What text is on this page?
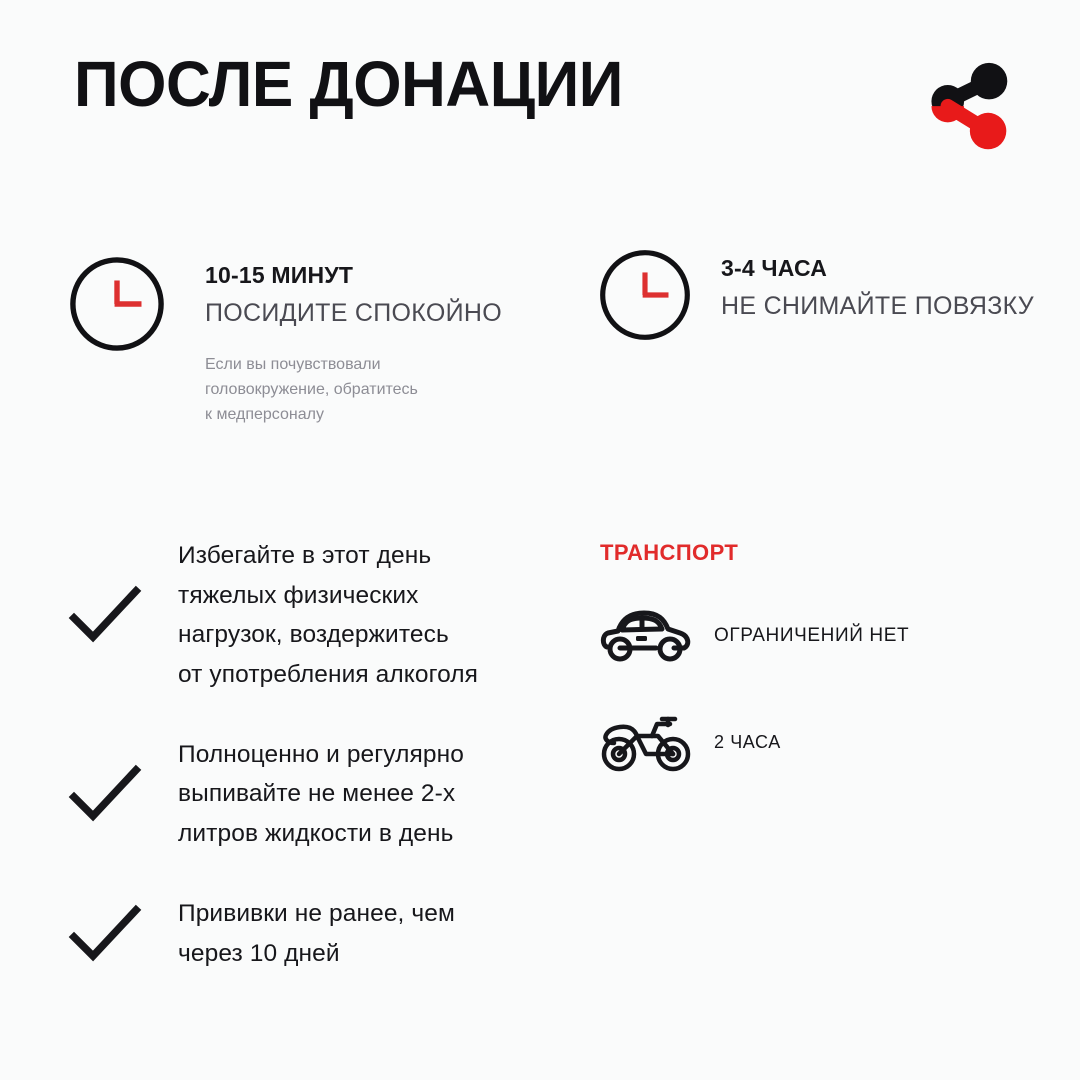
ПОСЛЕ ДОНАЦИИ
10-15 МИНУТ
ПОСИДИТЕ СПОКОЙНО
Если вы почувствовали
головокружение, обратитесь
к медперсоналу
3-4 ЧАСА
НЕ СНИМАЙТЕ ПОВЯЗКУ
Избегайте в этот день
тяжелых физических
нагрузок, воздержитесь
от употребления алкоголя
Полноценно и регулярно
выпивайте не менее 2-х
литров жидкости в день
Прививки не ранее, чем
через 10 дней
ТРАНСПОРТ
ОГРАНИЧЕНИЙ НЕТ
2 ЧАСА
